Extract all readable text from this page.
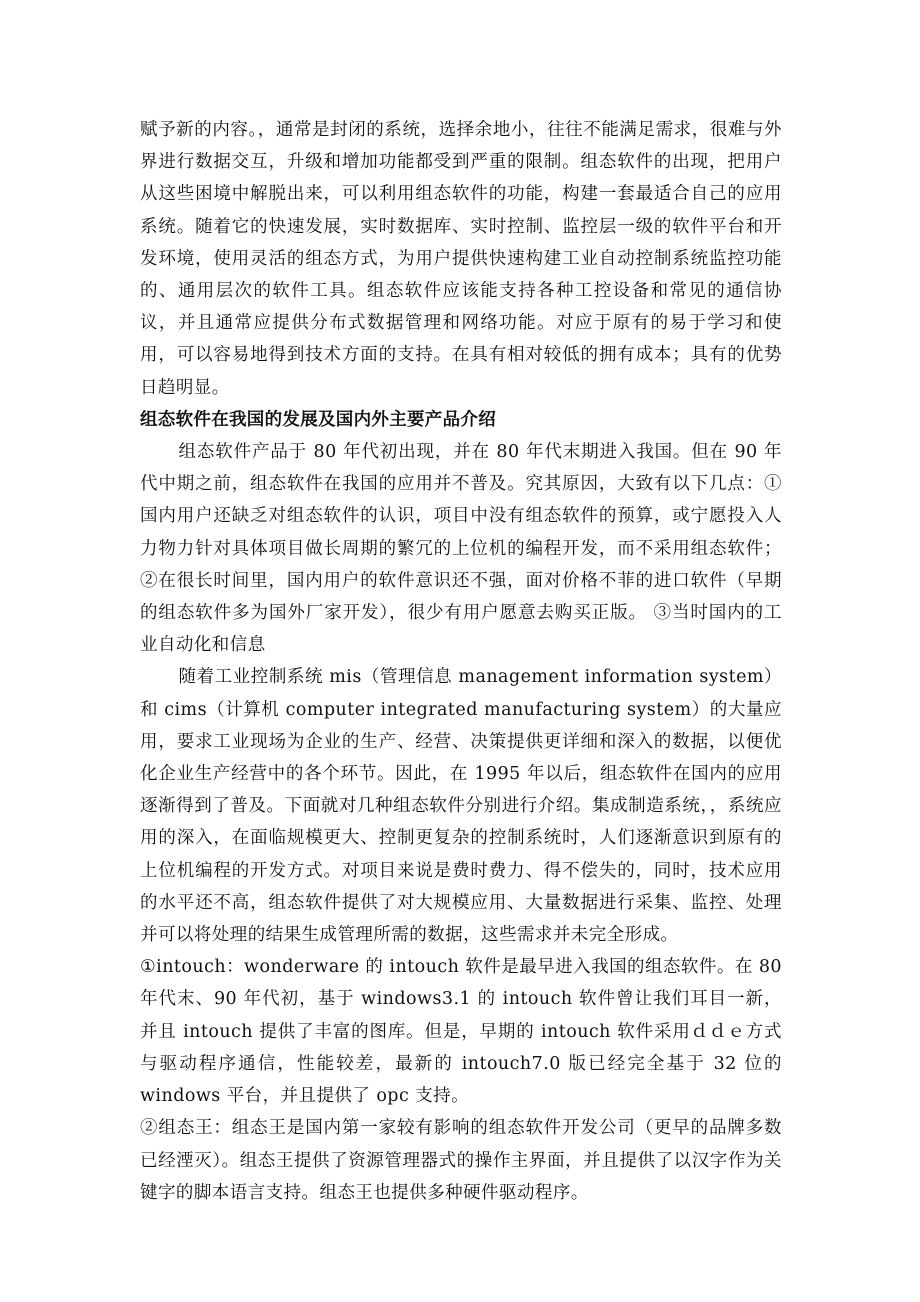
赋予新的内容。，通常是封闭的系统，选择余地小，往往不能满足需求，很难与外界进行数据交互，升级和增加功能都受到严重的限制。组态软件的出现，把用户从这些困境中解脱出来，可以利用组态软件的功能，构建一套最适合自己的应用系统。随着它的快速发展，实时数据库、实时控制、监控层一级的软件平台和开发环境，使用灵活的组态方式，为用户提供快速构建工业自动控制系统监控功能的、通用层次的软件工具。组态软件应该能支持各种工控设备和常见的通信协议，并且通常应提供分布式数据管理和网络功能。对应于原有的易于学习和使用，可以容易地得到技术方面的支持。在具有相对较低的拥有成本；具有的优势日趋明显。

组态软件在我国的发展及国内外主要产品介绍

组态软件产品于 80 年代初出现，并在 80 年代末期进入我国。但在 90 年代中期之前，组态软件在我国的应用并不普及。究其原因，大致有以下几点：①国内用户还缺乏对组态软件的认识，项目中没有组态软件的预算，或宁愿投入人力物力针对具体项目做长周期的繁冗的上位机的编程开发，而不采用组态软件； ②在很长时间里，国内用户的软件意识还不强，面对价格不菲的进口软件（早期的组态软件多为国外厂家开发），很少有用户愿意去购买正版。 ③当时国内的工业自动化和信息

随着工业控制系统 mis（管理信息 management information system）和 cims（计算机 computer integrated manufacturing system）的大量应用，要求工业现场为企业的生产、经营、决策提供更详细和深入的数据，以便优化企业生产经营中的各个环节。因此，在 1995 年以后，组态软件在国内的应用逐渐得到了普及。下面就对几种组态软件分别进行介绍。集成制造系统，，系统应用的深入，在面临规模更大、控制更复杂的控制系统时，人们逐渐意识到原有的上位机编程的开发方式。对项目来说是费时费力、得不偿失的，同时，技术应用的水平还不高，组态软件提供了对大规模应用、大量数据进行采集、监控、处理并可以将处理的结果生成管理所需的数据，这些需求并未完全形成。

①intouch：wonderware 的 intouch 软件是最早进入我国的组态软件。在 80 年代末、90 年代初，基于 windows3.1 的 intouch 软件曾让我们耳目一新，并且 intouch 提供了丰富的图库。但是，早期的 intouch 软件采用ｄｄｅ方式与驱动程序通信，性能较差，最新的 intouch7.0 版已经完全基于 32 位的 windows 平台，并且提供了 opc 支持。

②组态王：组态王是国内第一家较有影响的组态软件开发公司（更早的品牌多数已经湮灭）。组态王提供了资源管理器式的操作主界面，并且提供了以汉字作为关键字的脚本语言支持。组态王也提供多种硬件驱动程序。
